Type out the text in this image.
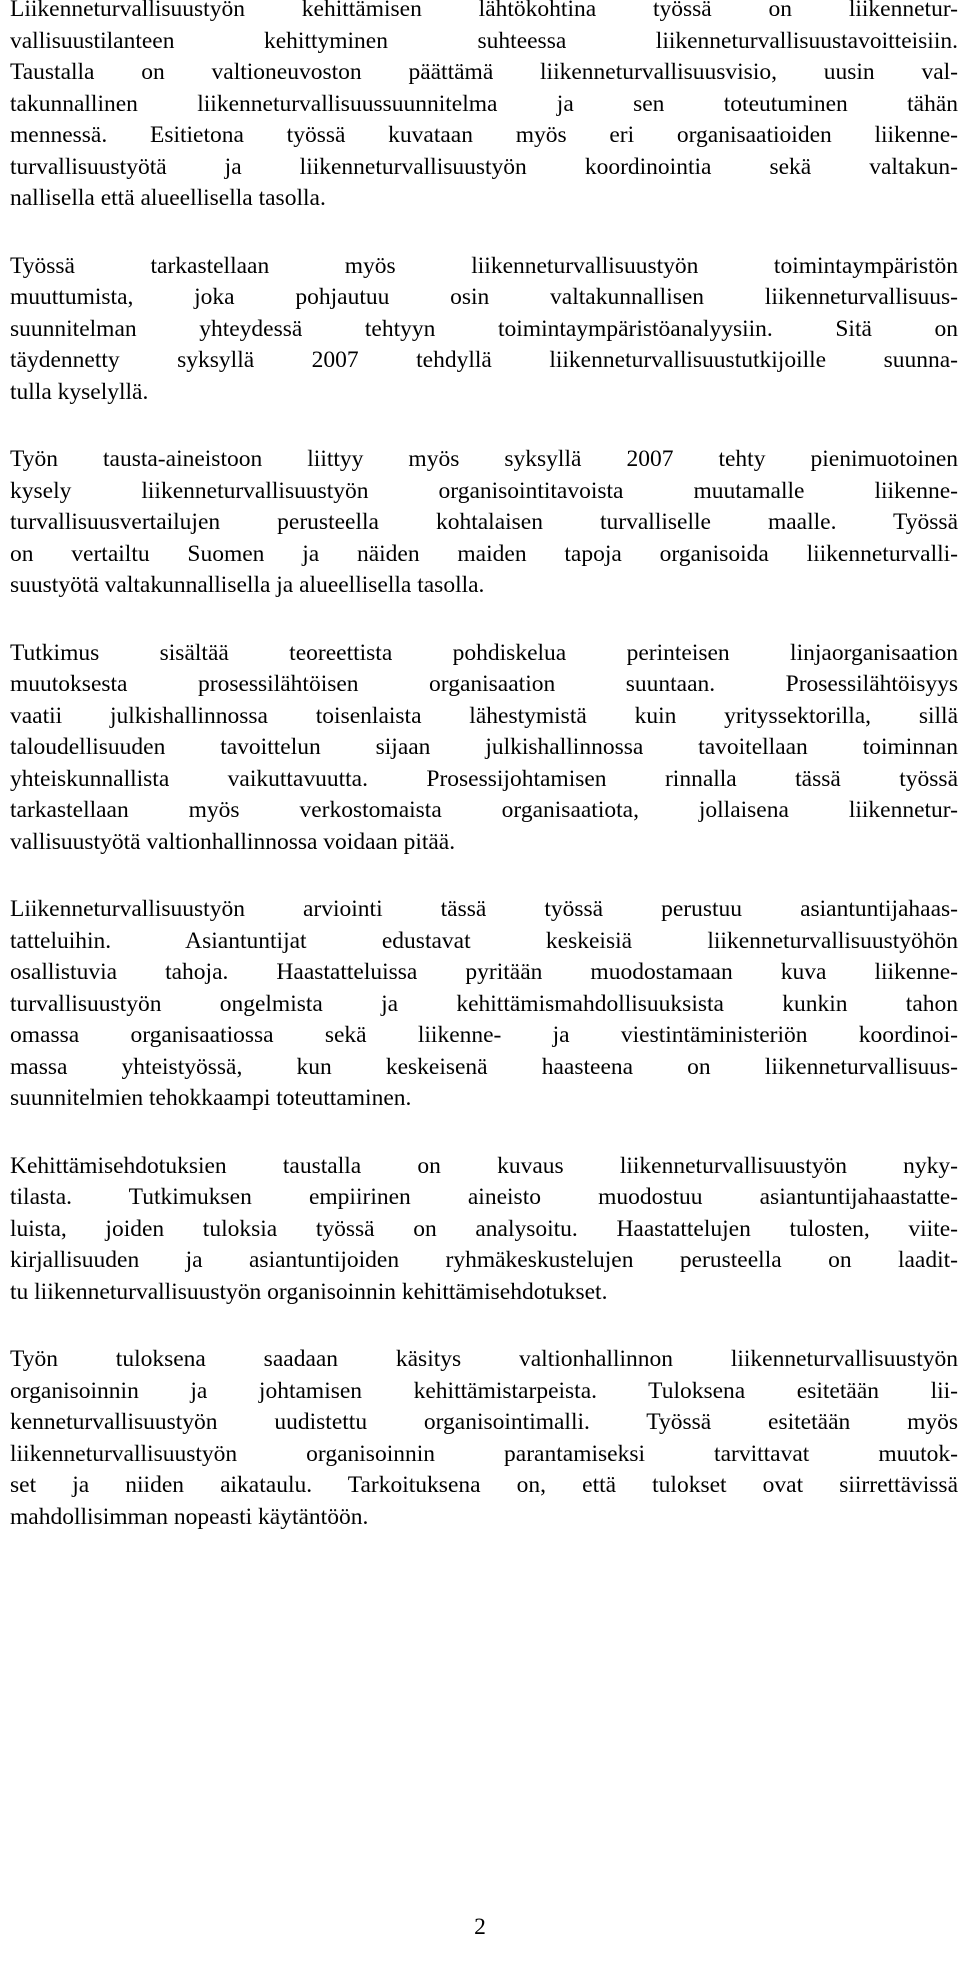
Liikenneturvallisuustyön kehittämisen lähtökohtina työssä on liikennetur-
vallisuustilanteen kehittyminen suhteessa liikenneturvallisuustavoitteisiin.
Taustalla on valtioneuvoston päättämä liikenneturvallisuusvisio, uusin val-
takunnallinen liikenneturvallisuussuunnitelma ja sen toteutuminen tähän
mennessä. Esitietona työssä kuvataan myös eri organisaatioiden liikenne-
turvallisuustyötä ja liikenneturvallisuustyön koordinointia sekä valtakun-
nallisella että alueellisella tasolla.

Työssä tarkastellaan myös liikenneturvallisuustyön toimintaympäristön
muuttumista, joka pohjautuu osin valtakunnallisen liikenneturvallisuus-
suunnitelman yhteydessä tehtyyn toimintaympäristöanalyysiin. Sitä on
täydennetty syksyllä 2007 tehdyllä liikenneturvallisuustutkijoille suunna-
tulla kyselyllä.

Työn tausta-aineistoon liittyy myös syksyllä 2007 tehty pienimuotoinen
kysely liikenneturvallisuustyön organisointitavoista muutamalle liikenne-
turvallisuusvertailujen perusteella kohtalaisen turvalliselle maalle. Työssä
on vertailtu Suomen ja näiden maiden tapoja organisoida liikenneturvalli-
suustyötä valtakunnallisella ja alueellisella tasolla.

Tutkimus sisältää teoreettista pohdiskelua perinteisen linjaorganisaation
muutoksesta prosessilähtöisen organisaation suuntaan. Prosessilähtöisyys
vaatii julkishallinnossa toisenlaista lähestymistä kuin yrityssektorilla, sillä
taloudellisuuden tavoittelun sijaan julkishallinnossa tavoitellaan toiminnan
yhteiskunnallista vaikuttavuutta. Prosessijohtamisen rinnalla tässä työssä
tarkastellaan myös verkostomaista organisaatiota, jollaisena liikennetur-
vallisuustyötä valtionhallinnossa voidaan pitää.

Liikenneturvallisuustyön arviointi tässä työssä perustuu asiantuntijahaas-
tatteluihin. Asiantuntijat edustavat keskeisiä liikenneturvallisuustyöhön
osallistuvia tahoja. Haastatteluissa pyritään muodostamaan kuva liikenne-
turvallisuustyön ongelmista ja kehittämismahdollisuuksista kunkin tahon
omassa organisaatiossa sekä liikenne- ja viestintäministeriön koordinoi-
massa yhteistyössä, kun keskeisenä haasteena on liikenneturvallisuus-
suunnitelmien tehokkaampi toteuttaminen.

Kehittämisehdotuksien taustalla on kuvaus liikenneturvallisuustyön nyky-
tilasta. Tutkimuksen empiirinen aineisto muodostuu asiantuntijahaastatte-
luista, joiden tuloksia työssä on analysoitu. Haastattelujen tulosten, viite-
kirjallisuuden ja asiantuntijoiden ryhmäkeskustelujen perusteella on laadit-
tu liikenneturvallisuustyön organisoinnin kehittämisehdotukset.

Työn tuloksena saadaan käsitys valtionhallinnon liikenneturvallisuustyön
organisoinnin ja johtamisen kehittämistarpeista. Tuloksena esitetään lii-
kenneturvallisuustyön uudistettu organisointimalli. Työssä esitetään myös
liikenneturvallisuustyön organisoinnin parantamiseksi tarvittavat muutok-
set ja niiden aikataulu. Tarkoituksena on, että tulokset ovat siirrettävissä
mahdollisimman nopeasti käytäntöön.

2
